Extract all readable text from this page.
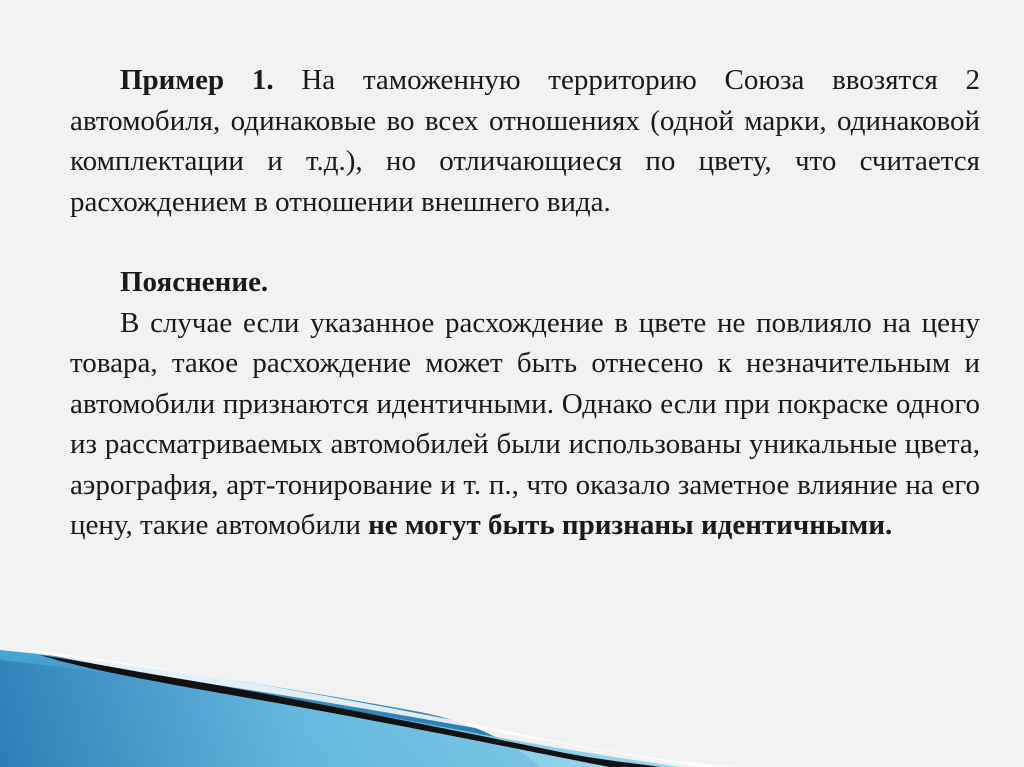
Пример 1. На таможенную территорию Союза ввозятся 2 автомобиля, одинаковые во всех отношениях (одной марки, одинаковой комплектации и т.д.), но отличающиеся по цвету, что считается расхождением в отношении внешнего вида.

Пояснение.

В случае если указанное расхождение в цвете не повлияло на цену товара, такое расхождение может быть отнесено к незначительным и автомобили признаются идентичными. Однако если при покраске одного из рассматриваемых автомобилей были использованы уникальные цвета, аэрография, арт-тонирование и т. п., что оказало заметное влияние на его цену, такие автомобили не могут быть признаны идентичными.
